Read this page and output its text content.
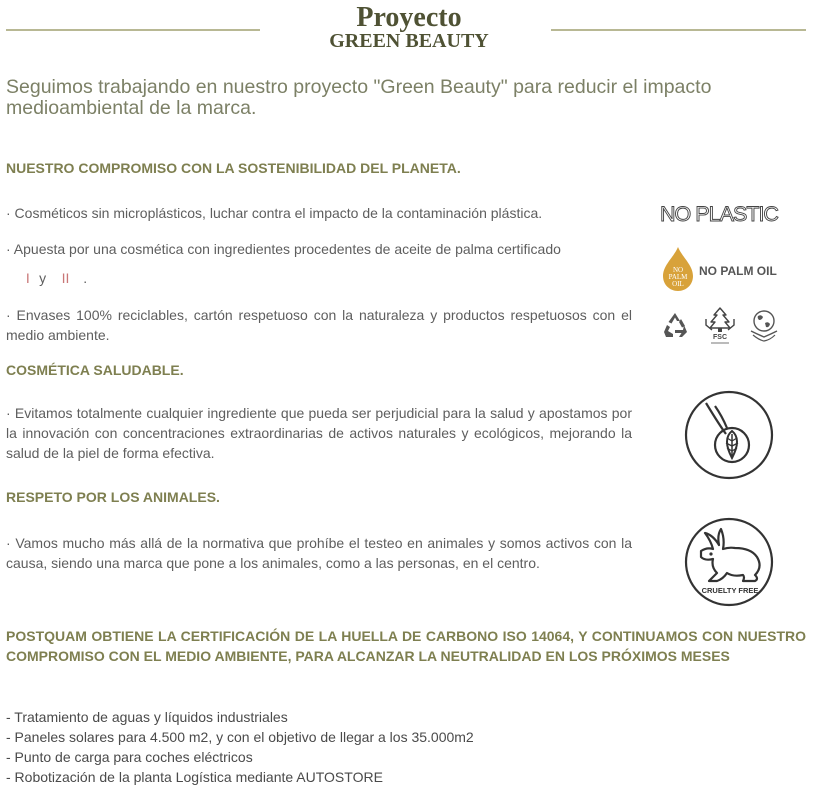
Proyecto
GREEN BEAUTY
Seguimos trabajando en nuestro proyecto "Green Beauty" para reducir el impacto medioambiental de la marca.
NUESTRO COMPROMISO CON LA SOSTENIBILIDAD DEL PLANETA.
· Cosméticos sin microplásticos, luchar contra el impacto de la contaminación plástica.
· Apuesta por una cosmética con ingredientes procedentes de aceite de palma certificado
I y II .
· Envases 100% reciclables, cartón respetuoso con la naturaleza y productos respetuosos con el medio ambiente.
COSMÉTICA SALUDABLE.
· Evitamos totalmente cualquier ingrediente que pueda ser perjudicial para la salud y apostamos por la innovación con concentraciones extraordinarias de activos naturales y ecológicos, mejorando la salud de la piel de forma efectiva.
RESPETO POR LOS ANIMALES.
· Vamos mucho más allá de la normativa que prohíbe el testeo en animales y somos activos con la causa, siendo una marca que pone a los animales, como a las personas, en el centro.
POSTQUAM OBTIENE LA CERTIFICACIÓN DE LA HUELLA DE CARBONO ISO 14064, Y CONTINUAMOS CON NUESTRO COMPROMISO CON EL MEDIO AMBIENTE, PARA ALCANZAR LA NEUTRALIDAD EN LOS PRÓXIMOS MESES
- Tratamiento de aguas y líquidos industriales
- Paneles solares para 4.500 m2, y con el objetivo de llegar a los 35.000m2
- Punto de carga para coches eléctricos
- Robotización de la planta Logística mediante AUTOSTORE
NO PLASTIC
NO
PALM
OIL
NO PALM OIL
FSC
CRUELTY FREE
